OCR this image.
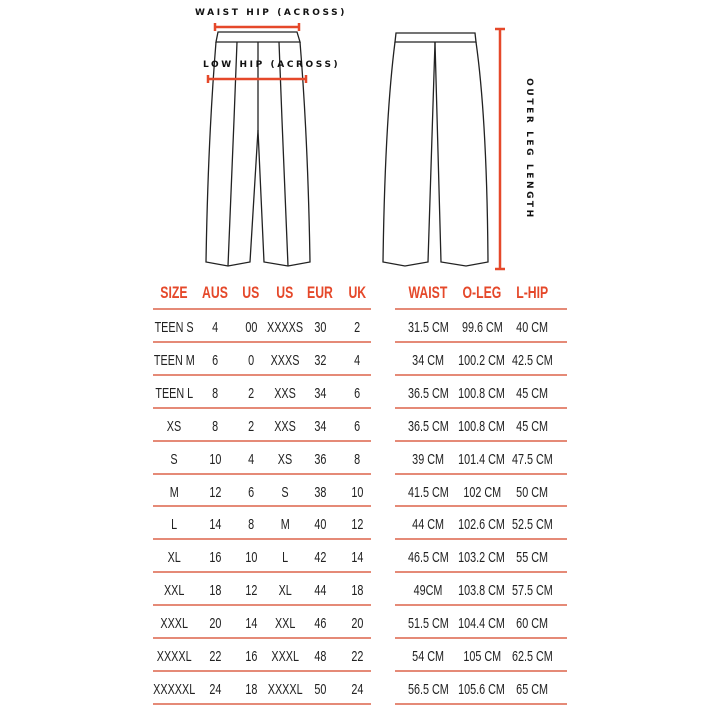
WAIST HIP (ACROSS)
LOW HIP (ACROSS)
OUTER LEG LENGTH
SIZE AUS US US EUR UK
TEEN S	4	00 XXXXS 30	2
TEEN M	6	0	XXXS 32	4
TEEN L	8	2	XXS	34	6
XS	8	2	XXS	34	6
S	10	4	XS	36	8
M	12	6	S	38	10
L	14	8	M	40	12
XL	16	10	L	42	14
XXL	18	12	XL	44	18
XXXL	20	14	XXL	46	20
XXXXL	22	16 XXXL	48	22
XXXXXL 24	18 XXXXL 50	24
WAIST O-LEG L-HIP
31.5 CM 99.6 CM 40 CM
34 CM 100.2 CM 42.5 CM
36.5 CM 100.8 CM 45 CM
36.5 CM 100.8 CM 45 CM
39 CM 101.4 CM 47.5 CM
41.5 CM 102 CM	50 CM
44 CM 102.6 CM 52.5 CM
46.5 CM 103.2 CM 55 CM
49CM	103.8 CM 57.5 CM
51.5 CM 104.4 CM 60 CM
54 CM	105 CM 62.5 CM
56.5 CM 105.6 CM 65 CM
